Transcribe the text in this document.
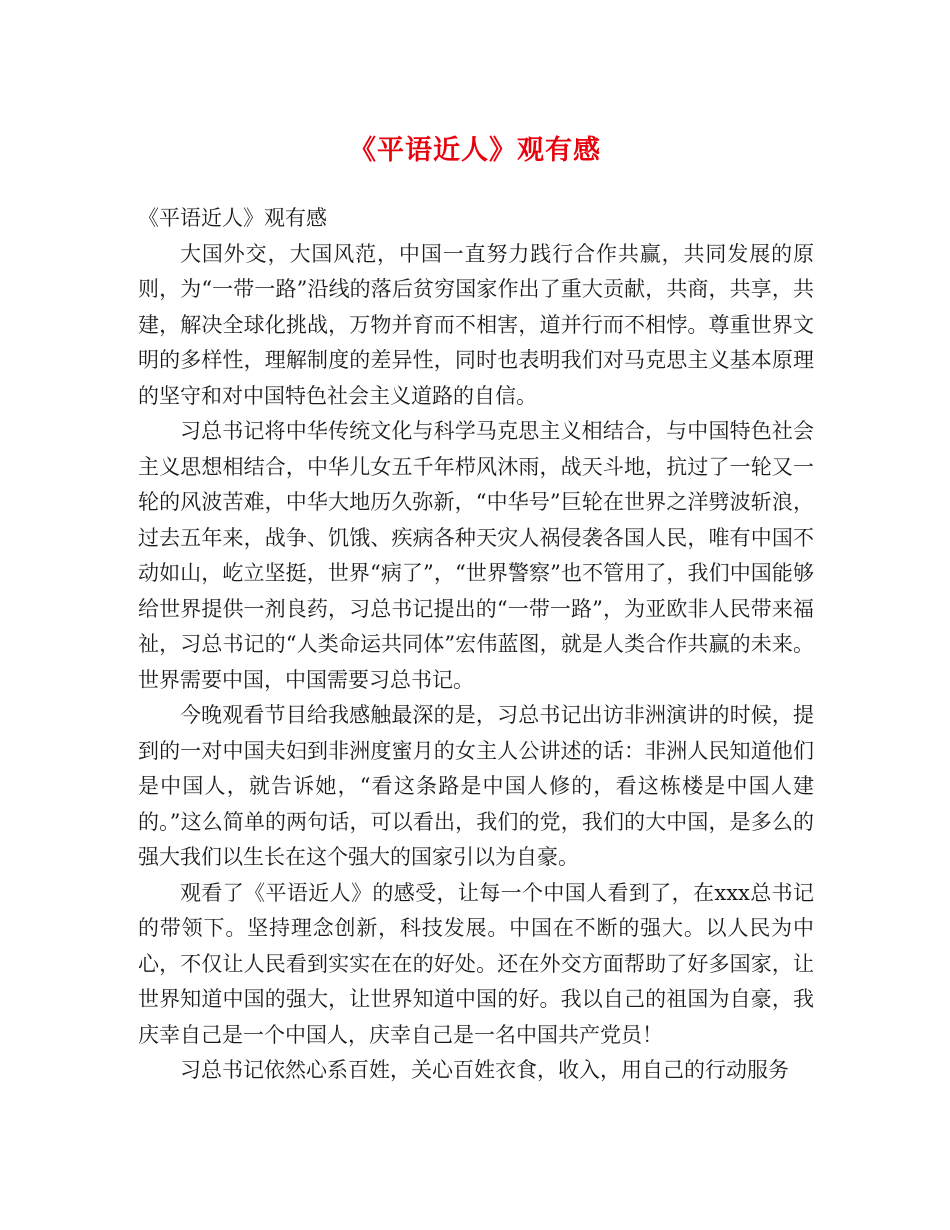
《平语近人》观有感

《平语近人》观有感

大国外交，大国风范，中国一直努力践行合作共赢，共同发展的原则，为“一带一路”沿线的落后贫穷国家作出了重大贡献，共商，共享，共建，解决全球化挑战，万物并育而不相害，道并行而不相悖。尊重世界文明的多样性，理解制度的差异性，同时也表明我们对马克思主义基本原理的坚守和对中国特色社会主义道路的自信。

习总书记将中华传统文化与科学马克思主义相结合，与中国特色社会主义思想相结合，中华儿女五千年栉风沐雨，战天斗地，抗过了一轮又一轮的风波苦难，中华大地历久弥新，“中华号”巨轮在世界之洋劈波斩浪，过去五年来，战争、饥饿、疾病各种天灾人祸侵袭各国人民，唯有中国不动如山，屹立坚挺，世界“病了”，“世界警察”也不管用了，我们中国能够给世界提供一剂良药，习总书记提出的“一带一路”，为亚欧非人民带来福祉，习总书记的“人类命运共同体”宏伟蓝图，就是人类合作共赢的未来。世界需要中国，中国需要习总书记。

今晚观看节目给我感触最深的是，习总书记出访非洲演讲的时候，提到的一对中国夫妇到非洲度蜜月的女主人公讲述的话：非洲人民知道他们是中国人，就告诉她，“看这条路是中国人修的，看这栋楼是中国人建的。”这么简单的两句话，可以看出，我们的党，我们的大中国，是多么的强大我们以生长在这个强大的国家引以为自豪。

观看了《平语近人》的感受，让每一个中国人看到了，在xxx总书记的带领下。坚持理念创新，科技发展。中国在不断的强大。以人民为中心，不仅让人民看到实实在在的好处。还在外交方面帮助了好多国家，让世界知道中国的强大，让世界知道中国的好。我以自己的祖国为自豪，我庆幸自己是一个中国人，庆幸自己是一名中国共产党员！

习总书记依然心系百姓，关心百姓衣食，收入，用自己的行动服务
